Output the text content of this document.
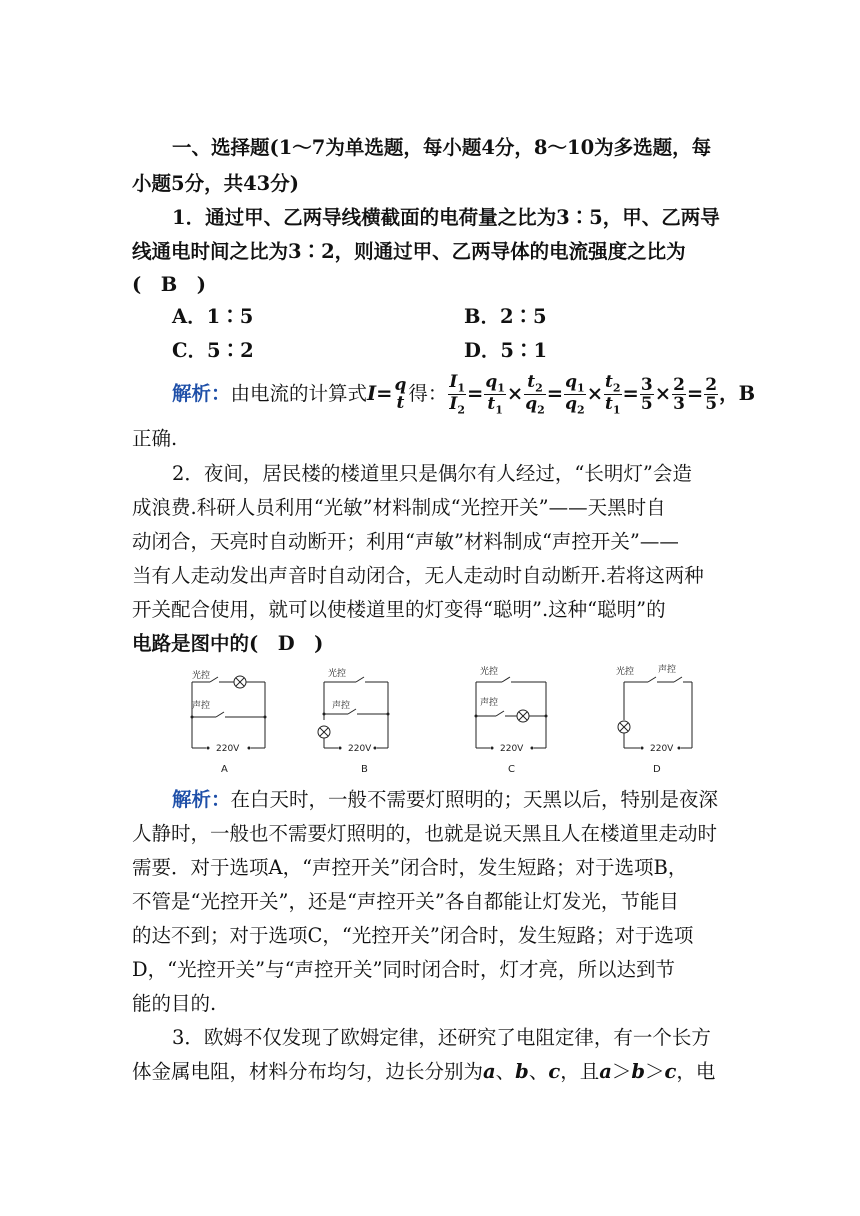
一、选择题(1～7为单选题，每小题4分，8～10为多选题，每
小题5分，共43分)
1．通过甲、乙两导线横截面的电荷量之比为3∶5，甲、乙两导
线通电时间之比为3∶2，则通过甲、乙两导体的电流强度之比为
(　B　)
A．1∶5	B．2∶5
C．5∶2	D．5∶1
解析：由电流的计算式I= q
t 得： $\frac{I_1}{I_2} = \frac{q_1}{t_1} \times \frac{t_2}{q_2} = \frac{q_1}{q_2} \times \frac{t_2}{t_1} = \frac{3}{5} \times \frac{2}{3} = \frac{2}{5}$ ，B
正确.
2．夜间，居民楼的楼道里只是偶尔有人经过，“长明灯”会造
成浪费.科研人员利用“光敏”材料制成“光控开关”——天黑时自
动闭合，天亮时自动断开；利用“声敏”材料制成“声控开关”——
当有人走动发出声音时自动闭合，无人走动时自动断开.若将这两种
开关配合使用，就可以使楼道里的灯变得“聪明”.这种“聪明”的
电路是图中的(　D　)
光控
声控
220V
A
光控
声控
220V
B
光控
声控
220V
C
光控	声控
220V
D
解析：在白天时，一般不需要灯照明的；天黑以后，特别是夜深
人静时，一般也不需要灯照明的，也就是说天黑且人在楼道里走动时
需要．对于选项A，“声控开关”闭合时，发生短路；对于选项B，
不管是“光控开关”，还是“声控开关”各自都能让灯发光，节能目
的达不到；对于选项C，“光控开关”闭合时，发生短路；对于选项
D，“光控开关”与“声控开关”同时闭合时，灯才亮，所以达到节
能的目的.
3．欧姆不仅发现了欧姆定律，还研究了电阻定律，有一个长方
体金属电阻，材料分布均匀，边长分别为a、b、c，且a＞b＞c，电
